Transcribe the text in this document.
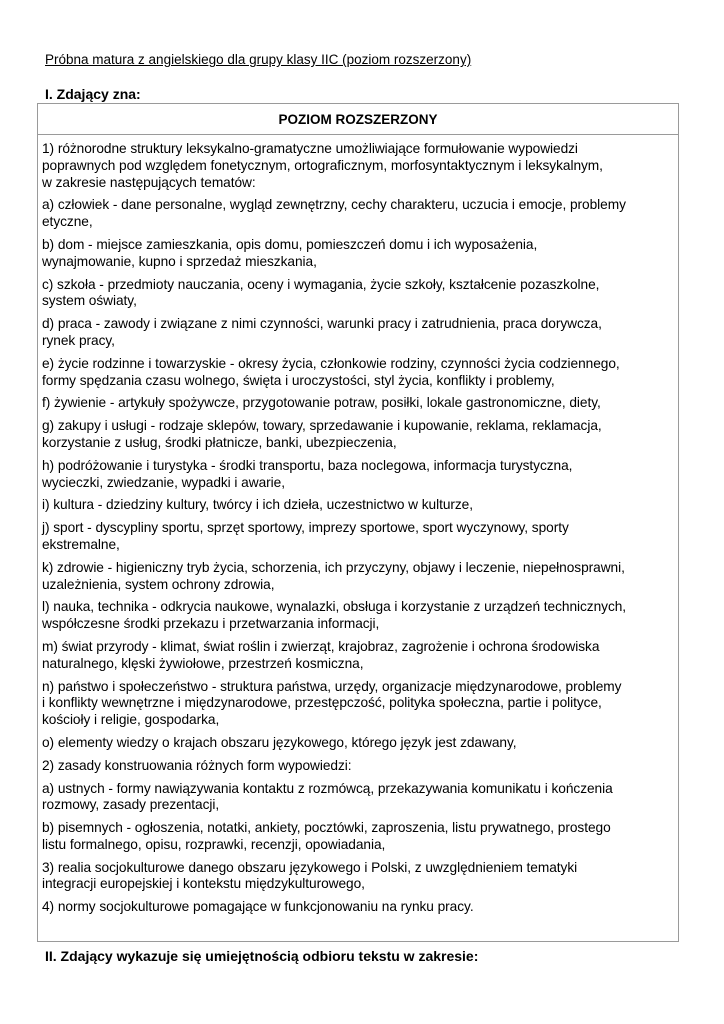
Próbna matura z angielskiego dla grupy klasy IIC (poziom rozszerzony)
I. Zdający zna:
POZIOM ROZSZERZONY
1) różnorodne struktury leksykalno-gramatyczne umożliwiające formułowanie wypowiedzi
poprawnych pod względem fonetycznym, ortograficznym, morfosyntaktycznym i leksykalnym,
w zakresie następujących tematów:
a) człowiek - dane personalne, wygląd zewnętrzny, cechy charakteru, uczucia i emocje, problemy
etyczne,
b) dom - miejsce zamieszkania, opis domu, pomieszczeń domu i ich wyposażenia,
wynajmowanie, kupno i sprzedaż mieszkania,
c) szkoła - przedmioty nauczania, oceny i wymagania, życie szkoły, kształcenie pozaszkolne,
system oświaty,
d) praca - zawody i związane z nimi czynności, warunki pracy i zatrudnienia, praca dorywcza,
rynek pracy,
e) życie rodzinne i towarzyskie - okresy życia, członkowie rodziny, czynności życia codziennego,
formy spędzania czasu wolnego, święta i uroczystości, styl życia, konflikty i problemy,
f) żywienie - artykuły spożywcze, przygotowanie potraw, posiłki, lokale gastronomiczne, diety,
g) zakupy i usługi - rodzaje sklepów, towary, sprzedawanie i kupowanie, reklama, reklamacja,
korzystanie z usług, środki płatnicze, banki, ubezpieczenia,
h) podróżowanie i turystyka - środki transportu, baza noclegowa, informacja turystyczna,
wycieczki, zwiedzanie, wypadki i awarie,
i) kultura - dziedziny kultury, twórcy i ich dzieła, uczestnictwo w kulturze,
j) sport - dyscypliny sportu, sprzęt sportowy, imprezy sportowe, sport wyczynowy, sporty
ekstremalne,
k) zdrowie - higieniczny tryb życia, schorzenia, ich przyczyny, objawy i leczenie, niepełnosprawni,
uzależnienia, system ochrony zdrowia,
l) nauka, technika - odkrycia naukowe, wynalazki, obsługa i korzystanie z urządzeń technicznych,
współczesne środki przekazu i przetwarzania informacji,
m) świat przyrody - klimat, świat roślin i zwierząt, krajobraz, zagrożenie i ochrona środowiska
naturalnego, klęski żywiołowe, przestrzeń kosmiczna,
n) państwo i społeczeństwo - struktura państwa, urzędy, organizacje międzynarodowe, problemy
i konflikty wewnętrzne i międzynarodowe, przestępczość, polityka społeczna, partie i polityce,
kościoły i religie, gospodarka,
o) elementy wiedzy o krajach obszaru językowego, którego język jest zdawany,
2) zasady konstruowania różnych form wypowiedzi:
a) ustnych - formy nawiązywania kontaktu z rozmówcą, przekazywania komunikatu i kończenia
rozmowy, zasady prezentacji,
b) pisemnych - ogłoszenia, notatki, ankiety, pocztówki, zaproszenia, listu prywatnego, prostego
listu formalnego, opisu, rozprawki, recenzji, opowiadania,
3) realia socjokulturowe danego obszaru językowego i Polski, z uwzględnieniem tematyki
integracji europejskiej i kontekstu międzykulturowego,
4) normy socjokulturowe pomagające w funkcjonowaniu na rynku pracy.
II. Zdający wykazuje się umiejętnością odbioru tekstu w zakresie:
